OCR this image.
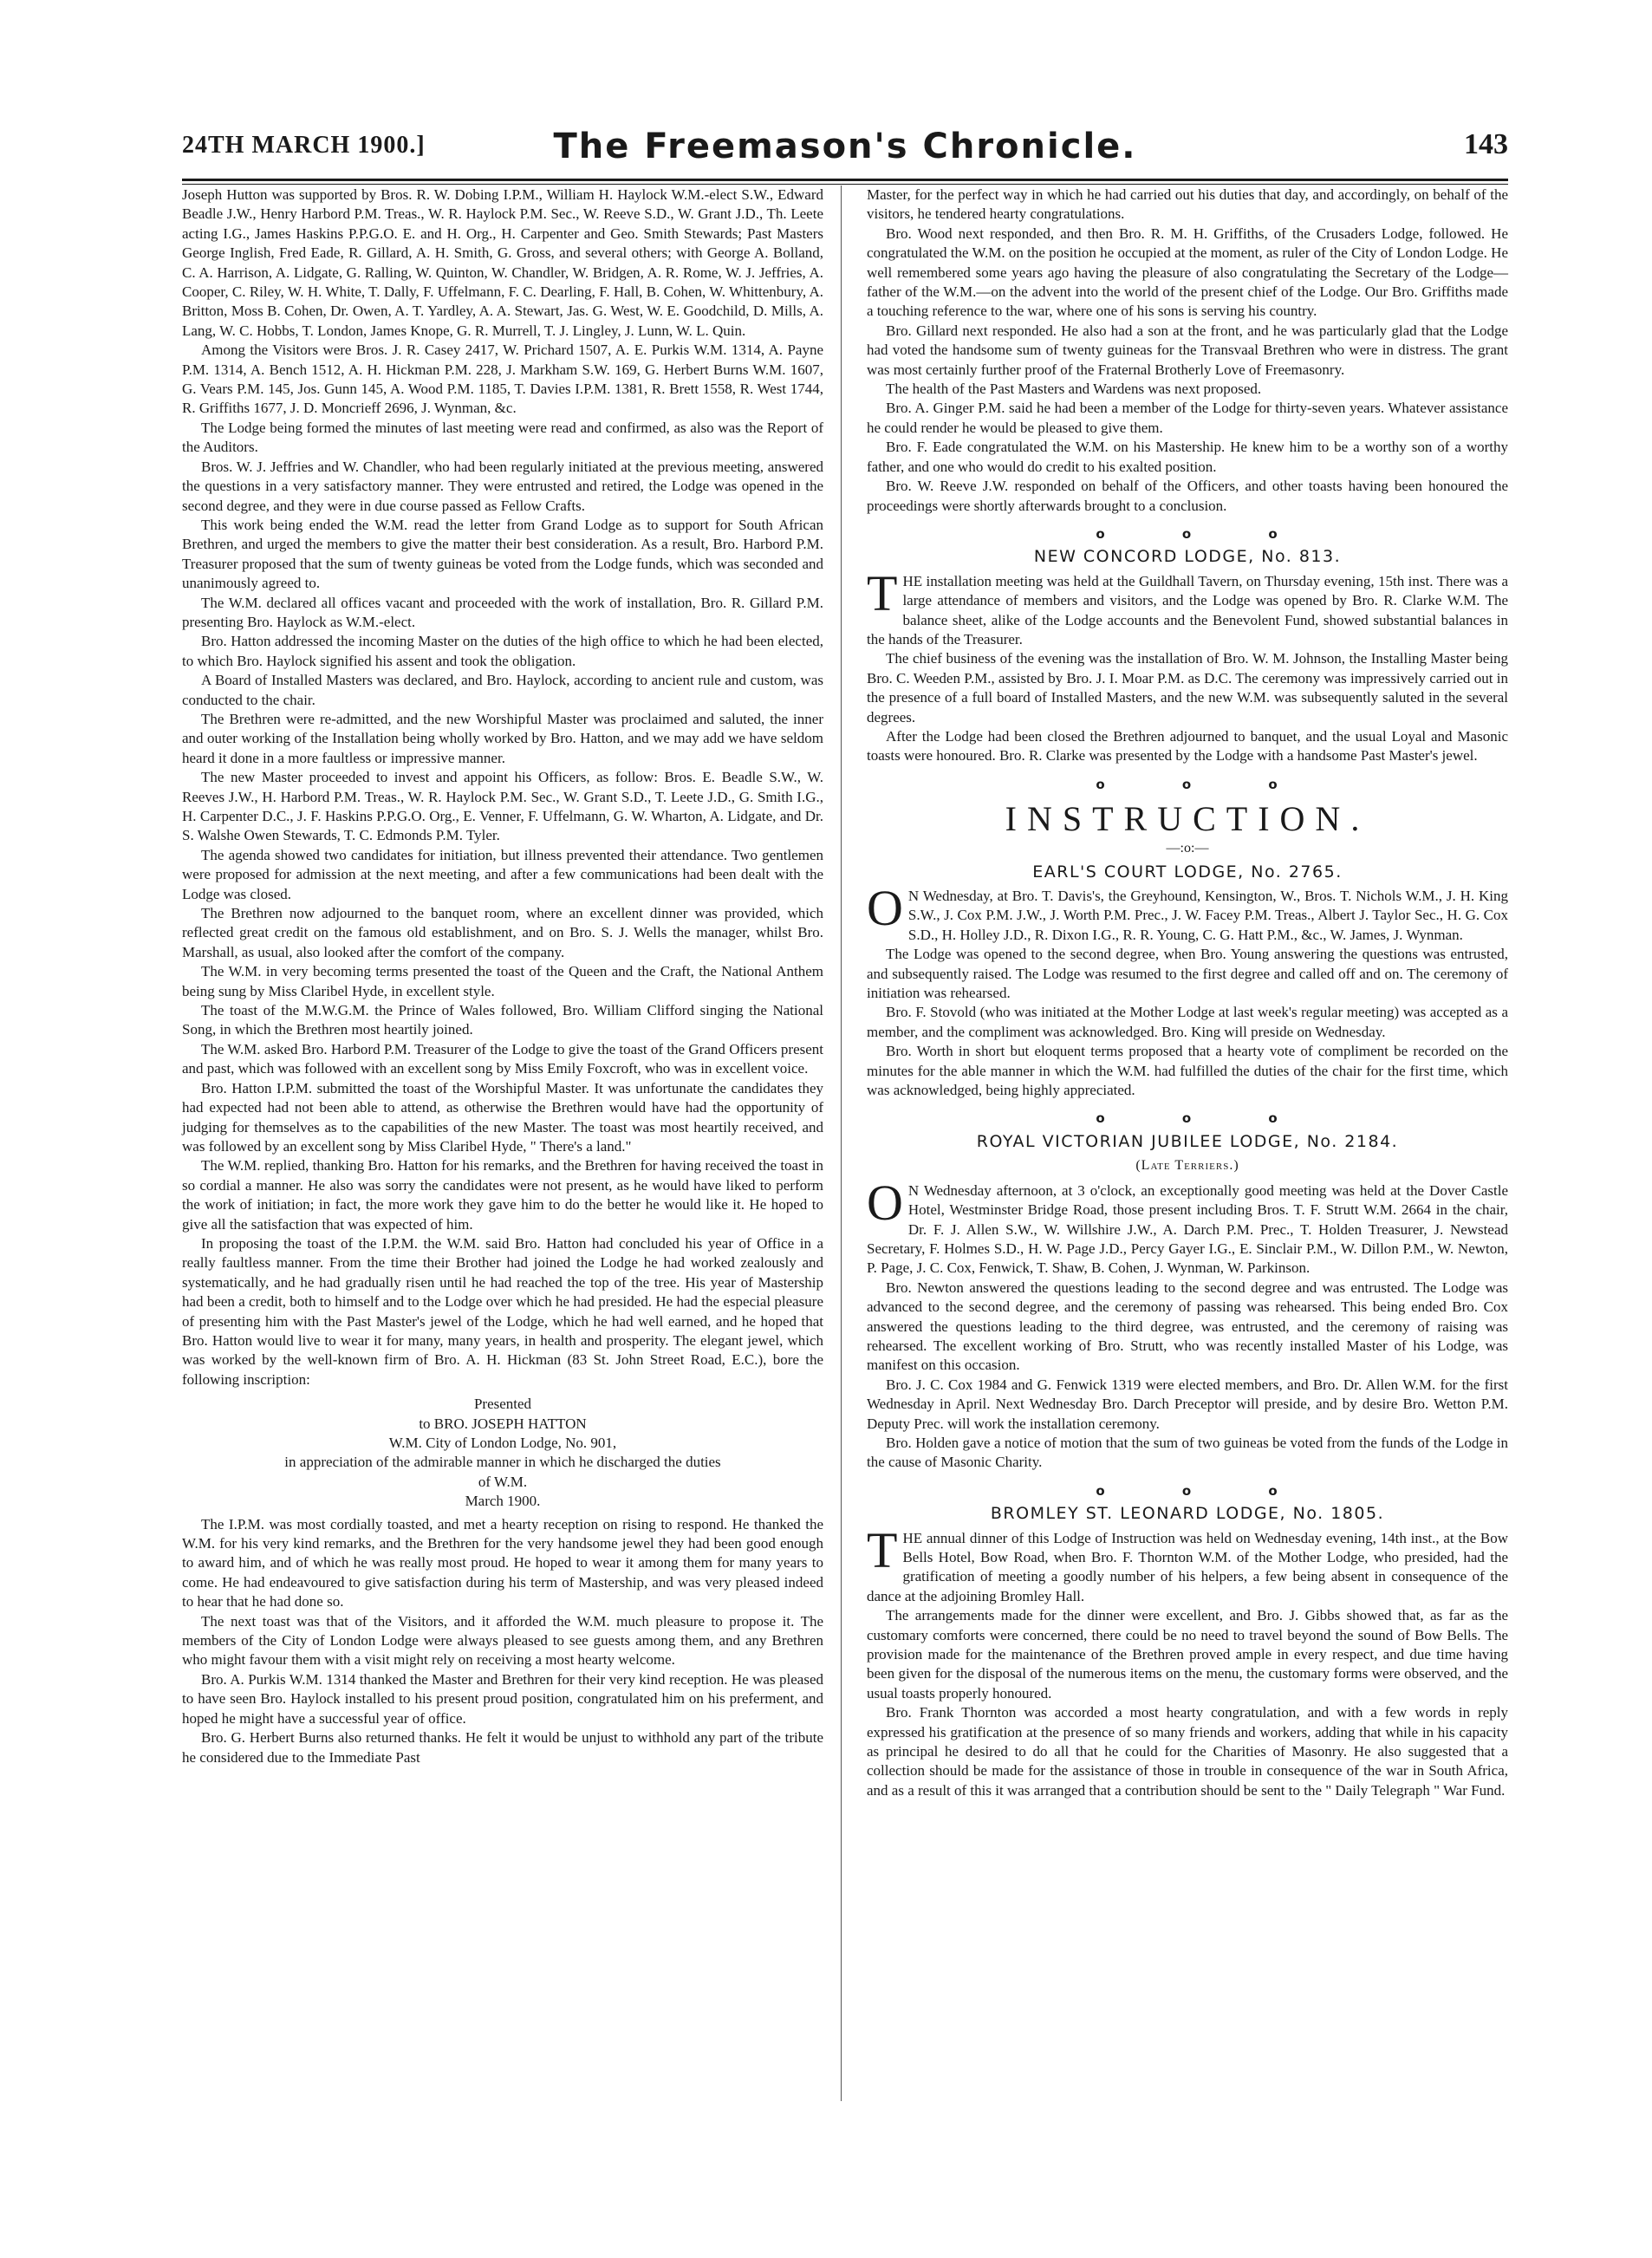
24TH MARCH 1900.]	The Freemason's Chronicle.	143

Joseph Hutton was supported by Bros. R. W. Dobing I.P.M., William H. Haylock W.M.-elect S.W., Edward Beadle J.W., Henry Harbord P.M. Treas., W. R. Haylock P.M. Sec., W. Reeve S.D., W. Grant J.D., Th. Leete acting I.G., James Haskins P.P.G.O. E. and H. Org., H. Carpenter and Geo. Smith Stewards; Past Masters George Inglish, Fred Eade, R. Gillard, A. H. Smith, G. Gross, and several others; with George A. Bolland, C. A. Harrison, A. Lidgate, G. Ralling, W. Quinton, W. Chandler, W. Bridgen, A. R. Rome, W. J. Jeffries, A. Cooper, C. Riley, W. H. White, T. Dally, F. Uffelmann, F. C. Dearling, F. Hall, B. Cohen, W. Whittenbury, A. Britton, Moss B. Cohen, Dr. Owen, A. T. Yardley, A. A. Stewart, Jas. G. West, W. E. Goodchild, D. Mills, A. Lang, W. C. Hobbs, T. London, James Knope, G. R. Murrell, T. J. Lingley, J. Lunn, W. L. Quin.

Among the Visitors were Bros. J. R. Casey 2417, W. Prichard 1507, A. E. Purkis W.M. 1314, A. Payne P.M. 1314, A. Bench 1512, A. H. Hickman P.M. 228, J. Markham S.W. 169, G. Herbert Burns W.M. 1607, G. Vears P.M. 145, Jos. Gunn 145, A. Wood P.M. 1185, T. Davies I.P.M. 1381, R. Brett 1558, R. West 1744, R. Griffiths 1677, J. D. Moncrieff 2696, J. Wynman, &c.

The Lodge being formed the minutes of last meeting were read and confirmed, as also was the Report of the Auditors.

Bros. W. J. Jeffries and W. Chandler, who had been regularly initiated at the previous meeting, answered the questions in a very satisfactory manner. They were entrusted and retired, the Lodge was opened in the second degree, and they were in due course passed as Fellow Crafts.

This work being ended the W.M. read the letter from Grand Lodge as to support for South African Brethren, and urged the members to give the matter their best consideration. As a result, Bro. Harbord P.M. Treasurer proposed that the sum of twenty guineas be voted from the Lodge funds, which was seconded and unanimously agreed to.

The W.M. declared all offices vacant and proceeded with the work of installation, Bro. R. Gillard P.M. presenting Bro. Haylock as W.M.-elect.

Bro. Hatton addressed the incoming Master on the duties of the high office to which he had been elected, to which Bro. Haylock signified his assent and took the obligation.

A Board of Installed Masters was declared, and Bro. Haylock, according to ancient rule and custom, was conducted to the chair.

The Brethren were re-admitted, and the new Worshipful Master was proclaimed and saluted, the inner and outer working of the Installation being wholly worked by Bro. Hatton, and we may add we have seldom heard it done in a more faultless or impressive manner.

The new Master proceeded to invest and appoint his Officers, as follow: Bros. E. Beadle S.W., W. Reeves J.W., H. Harbord P.M. Treas., W. R. Haylock P.M. Sec., W. Grant S.D., T. Leete J.D., G. Smith I.G., H. Carpenter D.C., J. F. Haskins P.P.G.O. Org., E. Venner, F. Uffelmann, G. W. Wharton, A. Lidgate, and Dr. S. Walshe Owen Stewards, T. C. Edmonds P.M. Tyler.

The agenda showed two candidates for initiation, but illness prevented their attendance. Two gentlemen were proposed for admission at the next meeting, and after a few communications had been dealt with the Lodge was closed.

The Brethren now adjourned to the banquet room, where an excellent dinner was provided, which reflected great credit on the famous old establishment, and on Bro. S. J. Wells the manager, whilst Bro. Marshall, as usual, also looked after the comfort of the company.

The W.M. in very becoming terms presented the toast of the Queen and the Craft, the National Anthem being sung by Miss Claribel Hyde, in excellent style.

The toast of the M.W.G.M. the Prince of Wales followed, Bro. William Clifford singing the National Song, in which the Brethren most heartily joined.

The W.M. asked Bro. Harbord P.M. Treasurer of the Lodge to give the toast of the Grand Officers present and past, which was followed with an excellent song by Miss Emily Foxcroft, who was in excellent voice.

Bro. Hatton I.P.M. submitted the toast of the Worshipful Master. It was unfortunate the candidates they had expected had not been able to attend, as otherwise the Brethren would have had the opportunity of judging for themselves as to the capabilities of the new Master. The toast was most heartily received, and was followed by an excellent song by Miss Claribel Hyde, " There's a land."

The W.M. replied, thanking Bro. Hatton for his remarks, and the Brethren for having received the toast in so cordial a manner. He also was sorry the candidates were not present, as he would have liked to perform the work of initiation; in fact, the more work they gave him to do the better he would like it. He hoped to give all the satisfaction that was expected of him.

In proposing the toast of the I.P.M. the W.M. said Bro. Hatton had concluded his year of Office in a really faultless manner. From the time their Brother had joined the Lodge he had worked zealously and systematically, and he had gradually risen until he had reached the top of the tree. His year of Mastership had been a credit, both to himself and to the Lodge over which he had presided. He had the especial pleasure of presenting him with the Past Master's jewel of the Lodge, which he had well earned, and he hoped that Bro. Hatton would live to wear it for many, many years, in health and prosperity. The elegant jewel, which was worked by the well-known firm of Bro. A. H. Hickman (83 St. John Street Road, E.C.), bore the following inscription:

Presented
to BRO. JOSEPH HATTON
W.M. City of London Lodge, No. 901,
in appreciation of the admirable manner in which he discharged the duties
of W.M.
March 1900.

The I.P.M. was most cordially toasted, and met a hearty reception on rising to respond. He thanked the W.M. for his very kind remarks, and the Brethren for the very handsome jewel they had been good enough to award him, and of which he was really most proud. He hoped to wear it among them for many years to come. He had endeavoured to give satisfaction during his term of Mastership, and was very pleased indeed to hear that he had done so.

The next toast was that of the Visitors, and it afforded the W.M. much pleasure to propose it. The members of the City of London Lodge were always pleased to see guests among them, and any Brethren who might favour them with a visit might rely on receiving a most hearty welcome.

Bro. A. Purkis W.M. 1314 thanked the Master and Brethren for their very kind reception. He was pleased to have seen Bro. Haylock installed to his present proud position, congratulated him on his preferment, and hoped he might have a successful year of office.

Bro. G. Herbert Burns also returned thanks. He felt it would be unjust to withhold any part of the tribute he considered due to the Immediate Past

Master, for the perfect way in which he had carried out his duties that day, and accordingly, on behalf of the visitors, he tendered hearty congratulations.

Bro. Wood next responded, and then Bro. R. M. H. Griffiths, of the Crusaders Lodge, followed. He congratulated the W.M. on the position he occupied at the moment, as ruler of the City of London Lodge. He well remembered some years ago having the pleasure of also congratulating the Secretary of the Lodge—father of the W.M.—on the advent into the world of the present chief of the Lodge. Our Bro. Griffiths made a touching reference to the war, where one of his sons is serving his country.

Bro. Gillard next responded. He also had a son at the front, and he was particularly glad that the Lodge had voted the handsome sum of twenty guineas for the Transvaal Brethren who were in distress. The grant was most certainly further proof of the Fraternal Brotherly Love of Freemasonry.

The health of the Past Masters and Wardens was next proposed.

Bro. A. Ginger P.M. said he had been a member of the Lodge for thirty-seven years. Whatever assistance he could render he would be pleased to give them.

Bro. F. Eade congratulated the W.M. on his Mastership. He knew him to be a worthy son of a worthy father, and one who would do credit to his exalted position.

Bro. W. Reeve J.W. responded on behalf of the Officers, and other toasts having been honoured the proceedings were shortly afterwards brought to a conclusion.

o o o
NEW CONCORD LODGE, No. 813.

THE installation meeting was held at the Guildhall Tavern, on Thursday evening, 15th inst. There was a large attendance of members and visitors, and the Lodge was opened by Bro. R. Clarke W.M. The balance sheet, alike of the Lodge accounts and the Benevolent Fund, showed substantial balances in the hands of the Treasurer.

The chief business of the evening was the installation of Bro. W. M. Johnson, the Installing Master being Bro. C. Weeden P.M., assisted by Bro. J. I. Moar P.M. as D.C. The ceremony was impressively carried out in the presence of a full board of Installed Masters, and the new W.M. was subsequently saluted in the several degrees.

After the Lodge had been closed the Brethren adjourned to banquet, and the usual Loyal and Masonic toasts were honoured. Bro. R. Clarke was presented by the Lodge with a handsome Past Master's jewel.

o o o
INSTRUCTION.
—:o:—
EARL'S COURT LODGE, No. 2765.

O N Wednesday, at Bro. T. Davis's, the Greyhound, Kensington, W., Bros. T. Nichols W.M., J. H. King S.W., J. Cox P.M. J.W., J. Worth P.M. Prec., J. W. Facey P.M. Treas., Albert J. Taylor Sec., H. G. Cox S.D., H. Holley J.D., R. Dixon I.G., R. R. Young, C. G. Hatt P.M., &c., W. James, J. Wynman.

The Lodge was opened to the second degree, when Bro. Young answering the questions was entrusted, and subsequently raised. The Lodge was resumed to the first degree and called off and on. The ceremony of initiation was rehearsed.

Bro. F. Stovold (who was initiated at the Mother Lodge at last week's regular meeting) was accepted as a member, and the compliment was acknowledged. Bro. King will preside on Wednesday.

Bro. Worth in short but eloquent terms proposed that a hearty vote of compliment be recorded on the minutes for the able manner in which the W.M. had fulfilled the duties of the chair for the first time, which was acknowledged, being highly appreciated.

o o o
ROYAL VICTORIAN JUBILEE LODGE, No. 2184.
(Late Terriers.)

O N Wednesday afternoon, at 3 o'clock, an exceptionally good meeting was held at the Dover Castle Hotel, Westminster Bridge Road, those present including Bros. T. F. Strutt W.M. 2664 in the chair, Dr. F. J. Allen S.W., W. Willshire J.W., A. Darch P.M. Prec., T. Holden Treasurer, J. Newstead Secretary, F. Holmes S.D., H. W. Page J.D., Percy Gayer I.G., E. Sinclair P.M., W. Dillon P.M., W. Newton, P. Page, J. C. Cox, Fenwick, T. Shaw, B. Cohen, J. Wynman, W. Parkinson.

Bro. Newton answered the questions leading to the second degree and was entrusted. The Lodge was advanced to the second degree, and the ceremony of passing was rehearsed. This being ended Bro. Cox answered the questions leading to the third degree, was entrusted, and the ceremony of raising was rehearsed. The excellent working of Bro. Strutt, who was recently installed Master of his Lodge, was manifest on this occasion.

Bro. J. C. Cox 1984 and G. Fenwick 1319 were elected members, and Bro. Dr. Allen W.M. for the first Wednesday in April. Next Wednesday Bro. Darch Preceptor will preside, and by desire Bro. Wetton P.M. Deputy Prec. will work the installation ceremony.

Bro. Holden gave a notice of motion that the sum of two guineas be voted from the funds of the Lodge in the cause of Masonic Charity.

o o o
BROMLEY ST. LEONARD LODGE, No. 1805.

THE annual dinner of this Lodge of Instruction was held on Wednesday evening, 14th inst., at the Bow Bells Hotel, Bow Road, when Bro. F. Thornton W.M. of the Mother Lodge, who presided, had the gratification of meeting a goodly number of his helpers, a few being absent in consequence of the dance at the adjoining Bromley Hall.

The arrangements made for the dinner were excellent, and Bro. J. Gibbs showed that, as far as the customary comforts were concerned, there could be no need to travel beyond the sound of Bow Bells. The provision made for the maintenance of the Brethren proved ample in every respect, and due time having been given for the disposal of the numerous items on the menu, the customary forms were observed, and the usual toasts properly honoured.

Bro. Frank Thornton was accorded a most hearty congratulation, and with a few words in reply expressed his gratification at the presence of so many friends and workers, adding that while in his capacity as principal he desired to do all that he could for the Charities of Masonry. He also suggested that a collection should be made for the assistance of those in trouble in consequence of the war in South Africa, and as a result of this it was arranged that a contribution should be sent to the " Daily Telegraph " War Fund.
